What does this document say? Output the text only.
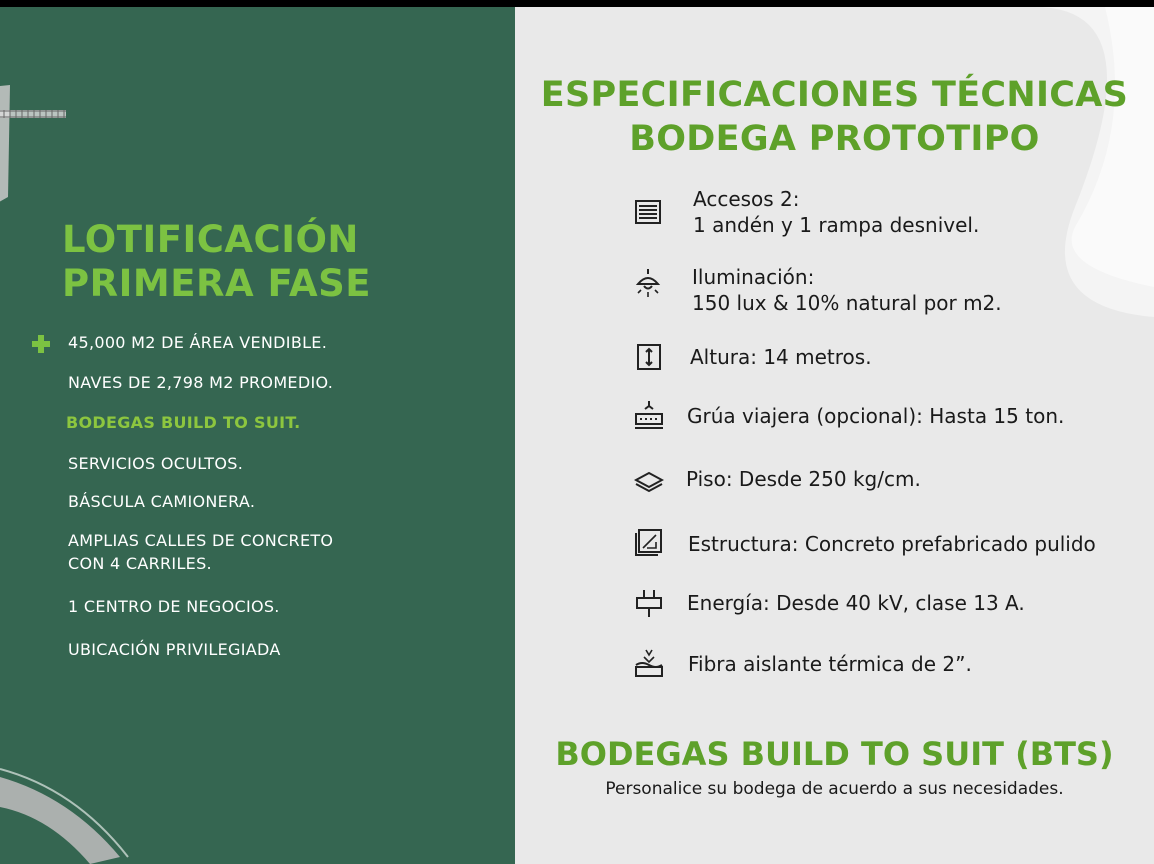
LOTIFICACIÓN
PRIMERA FASE
45,000 M2 DE ÁREA VENDIBLE.
NAVES DE 2,798 M2 PROMEDIO.
BODEGAS BUILD TO SUIT.
SERVICIOS OCULTOS.
BÁSCULA CAMIONERA.
AMPLIAS CALLES DE CONCRETO
CON 4 CARRILES.
1 CENTRO DE NEGOCIOS.
UBICACIÓN PRIVILEGIADA
ESPECIFICACIONES TÉCNICAS
BODEGA PROTOTIPO
Accesos 2:
1 andén y 1 rampa desnivel.
Iluminación:
150 lux & 10% natural por m2.
Altura: 14 metros.
Grúa viajera (opcional): Hasta 15 ton.
Piso: Desde 250 kg/cm.
Estructura: Concreto prefabricado pulido
Energía: Desde 40 kV, clase 13 A.
Fibra aislante térmica de 2”.
BODEGAS BUILD TO SUIT (BTS)
Personalice su bodega de acuerdo a sus necesidades.
